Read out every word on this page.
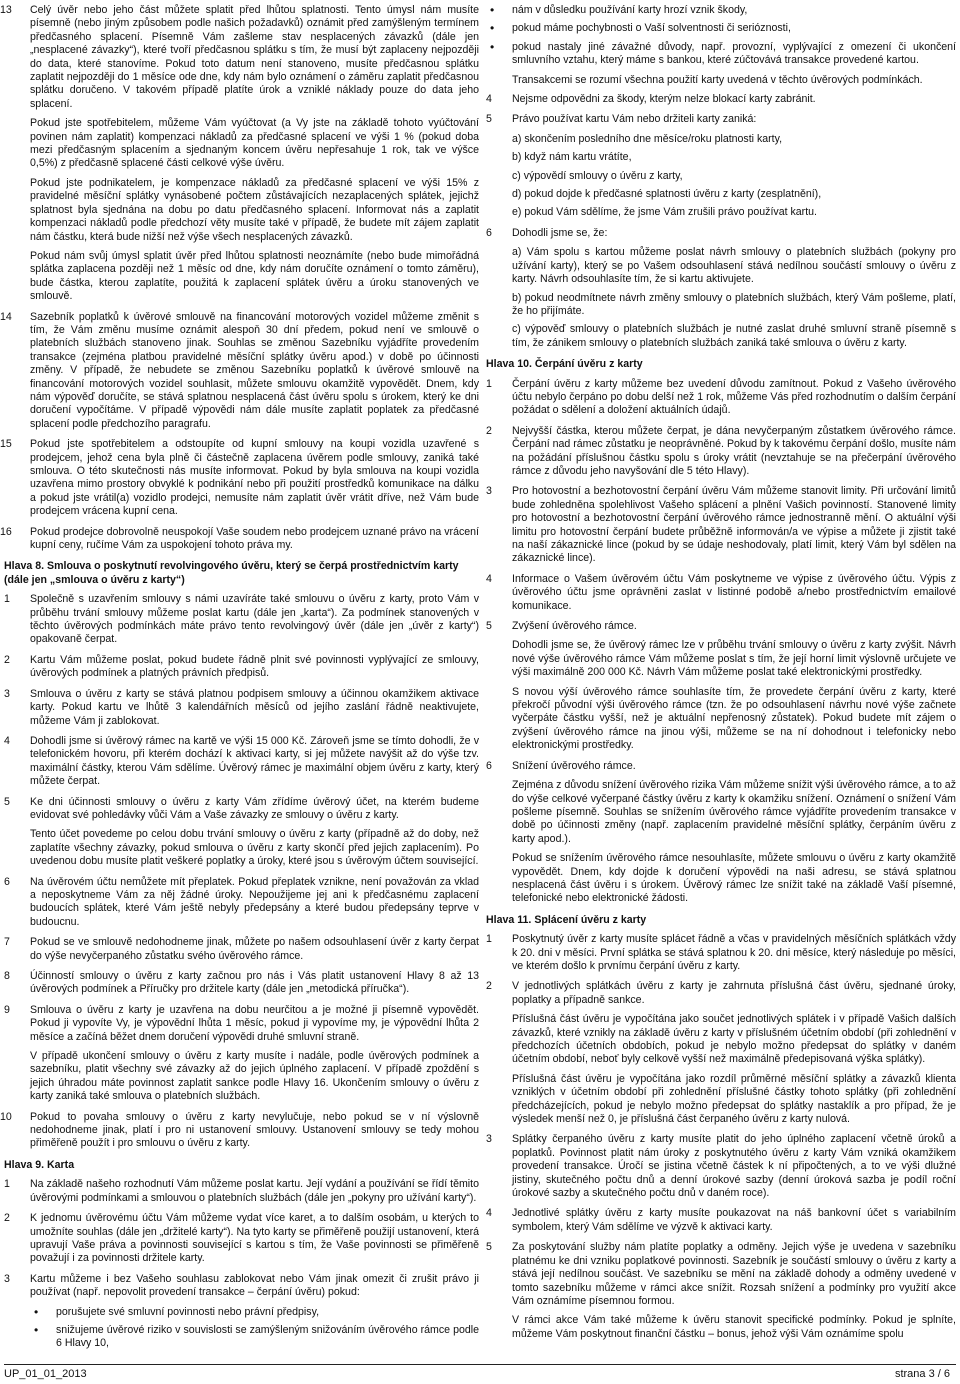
13	Celý úvěr nebo jeho část můžete splatit před lhůtou splatnosti. Tento úmysl nám musíte písemně (nebo jiným způsobem podle našich požadavků) oznámit před zamýšleným termínem předčasného splacení. Písemně Vám zašleme stav nesplacených závazků (dále jen „nesplacené závazky“), které tvoří předčasnou splátku s tím, že musí být zaplaceny nejpozději do data, které stanovíme. Pokud toto datum není stanoveno, musíte předčasnou splátku zaplatit nejpozději do 1 měsíce ode dne, kdy nám bylo oznámení o záměru zaplatit předčasnou splátku doručeno. V takovém případě platíte úrok a vzniklé náklady pouze do data jeho splacení.

Pokud jste spotřebitelem, můžeme Vám vyúčtovat (a Vy jste na základě tohoto vyúčtování povinen nám zaplatit) kompenzaci nákladů za předčasné splacení ve výši 1 % (pokud doba mezi předčasným splacením a sjednaným koncem úvěru nepřesahuje 1 rok, tak ve výšce 0,5%) z předčasně splacené části celkové výše úvěru.

Pokud jste podnikatelem, je kompenzace nákladů za předčasné splacení ve výši 15% z pravidelné měsíční splátky vynásobené počtem zůstávajících nezaplacených splátek, jejichž splatnost byla sjednána na dobu po datu předčasného splacení. Informovat nás a zaplatit kompenzaci nákladů podle předchozí věty musíte také v případě, že budete mít zájem zaplatit nám částku, která bude nižší než výše všech nesplacených závazků.

Pokud nám svůj úmysl splatit úvěr před lhůtou splatnosti neoznámíte (nebo bude mimořádná splátka zaplacena později než 1 měsíc od dne, kdy nám doručíte oznámení o tomto záměru), bude částka, kterou zaplatíte, použitá k zaplacení splátek úvěru a úroku stanovených ve smlouvě.

14	Sazebník poplatků k úvěrové smlouvě na financování motorových vozidel můžeme změnit s tím, že Vám změnu musíme oznámit alespoň 30 dní předem, pokud není ve smlouvě o platebních službách stanoveno jinak. Souhlas se změnou Sazebníku vyjádříte provedením transakce (zejména platbou pravidelné měsíční splátky úvěru apod.) v době po účinnosti změny. V případě, že nebudete se změnou Sazebníku poplatků k úvěrové smlouvě na financování motorových vozidel souhlasit, můžete smlouvu okamžitě vypovědět. Dnem, kdy nám výpověď doručíte, se stává splatnou nesplacená část úvěru spolu s úrokem, který ke dni doručení vypočítáme. V případě výpovědi nám dále musíte zaplatit poplatek za předčasné splacení podle předchozího paragrafu.

15	Pokud jste spotřebitelem a odstoupíte od kupní smlouvy na koupi vozidla uzavřené s prodejcem, jehož cena byla plně či částečně zaplacena úvěrem podle smlouvy, zaniká také smlouva. O této skutečnosti nás musíte informovat. Pokud by byla smlouva na koupi vozidla uzavřena mimo prostory obvyklé k podnikání nebo při použití prostředků komunikace na dálku a pokud jste vrátil(a) vozidlo prodejci, nemusíte nám zaplatit úvěr vrátit dříve, než Vám bude prodejcem vrácena kupní cena.

16	Pokud prodejce dobrovolně neuspokojí Vaše soudem nebo prodejcem uznané právo na vrácení kupní ceny, ručíme Vám za uspokojení tohoto práva my.

Hlava 8. Smlouva o poskytnutí revolvingového úvěru, který se čerpá prostřednictvím karty (dále jen „smlouva o úvěru z karty“)
1	Společně s uzavřením smlouvy s námi uzavíráte také smlouvu o úvěru z karty, proto Vám v průběhu trvání smlouvy můžeme poslat kartu (dále jen „karta“). Za podmínek stanovených v těchto úvěrových podmínkách máte právo tento revolvingový úvěr (dále jen „úvěr z karty“) opakovaně čerpat.

2	Kartu Vám můžeme poslat, pokud budete řádně plnit své povinnosti vyplývající ze smlouvy, úvěrových podmínek a platných právních předpisů.

3	Smlouva o úvěru z karty se stává platnou podpisem smlouvy a účinnou okamžikem aktivace karty. Pokud kartu ve lhůtě 3 kalendářních měsíců od jejího zaslání řádně neaktivujete, můžeme Vám ji zablokovat.

4	Dohodli jsme si úvěrový rámec na kartě ve výši 15 000 Kč. Zároveň jsme se tímto dohodli, že v telefonickém hovoru, při kterém dochází k aktivaci karty, si jej můžete navýšit až do výše tzv. maximální částky, kterou Vám sdělíme. Úvěrový rámec je maximální objem úvěru z karty, který můžete čerpat.

5	Ke dni účinnosti smlouvy o úvěru z karty Vám zřídíme úvěrový účet, na kterém budeme evidovat své pohledávky vůči Vám a Vaše závazky ze smlouvy o úvěru z karty.

Tento účet povedeme po celou dobu trvání smlouvy o úvěru z karty (případně až do doby, než zaplatíte všechny závazky, pokud smlouva o úvěru z karty skončí před jejich zaplacením). Po uvedenou dobu musíte platit veškeré poplatky a úroky, které jsou s úvěrovým účtem související.

6	Na úvěrovém účtu nemůžete mít přeplatek. Pokud přeplatek vznikne, není považován za vklad a neposkytneme Vám za něj žádné úroky. Nepoužijeme jej ani k předčasnému zaplacení budoucích splátek, které Vám ještě nebyly předepsány a které budou předepsány teprve v budoucnu.

7	Pokud se ve smlouvě nedohodneme jinak, můžete po našem odsouhlasení úvěr z karty čerpat do výše nevyčerpaného zůstatku svého úvěrového rámce.

8	Účinností smlouvy o úvěru z karty začnou pro nás i Vás platit ustanovení Hlavy 8 až 13 úvěrových podmínek a Příručky pro držitele karty (dále jen „metodická příručka“).

9	Smlouva o úvěru z karty je uzavřena na dobu neurčitou a je možné ji písemně vypovědět. Pokud ji vypovíte Vy, je výpovědní lhůta 1 měsíc, pokud ji vypovíme my, je výpovědní lhůta 2 měsíce a začíná běžet dnem doručení výpovědi druhé smluvní straně.

V případě ukončení smlouvy o úvěru z karty musíte i nadále, podle úvěrových podmínek a sazebníku, platit všechny své závazky až do jejich úplného zaplacení. V případě zpoždění s jejich úhradou máte povinnost zaplatit sankce podle Hlavy 16. Ukončením smlouvy o úvěru z karty zaniká také smlouva o platebních službách.

10	Pokud to povaha smlouvy o úvěru z karty nevylučuje, nebo pokud se v ní výslovně nedohodneme jinak, platí i pro ni ustanovení smlouvy. Ustanovení smlouvy se tedy mohou přiměřeně použít i pro smlouvu o úvěru z karty.

Hlava 9. Karta
1	Na základě našeho rozhodnutí Vám můžeme poslat kartu. Její vydání a používání se řídí těmito úvěrovými podmínkami a smlouvou o platebních službách (dále jen „pokyny pro užívání karty“).

2	K jednomu úvěrovému účtu Vám můžeme vydat více karet, a to dalším osobám, u kterých to umožníte souhlas (dále jen „držitelé karty“). Na tyto karty se přiměřeně použijí ustanovení, která upravují Vaše práva a povinnosti související s kartou s tím, že Vaše povinnosti se přiměřeně považují i za povinnosti držitele karty.

3	Kartu můžeme i bez Vašeho souhlasu zablokovat nebo Vám jinak omezit či zrušit právo ji používat (např. nepovolit provedení transakce – čerpání úvěru) pokud:

• porušujete své smluvní povinnosti nebo právní předpisy,
• snižujeme úvěrové riziko v souvislosti se zamýšleným snižováním úvěrového rámce podle 6 Hlavy 10,
• nám v důsledku používání karty hrozí vznik škody,
• pokud máme pochybnosti o Vaší solventnosti či serióznosti,
• pokud nastaly jiné závažné důvody, např. provozní, vyplývající z omezení či ukončení smluvního vztahu, který máme s bankou, které zúčtovává transakce provedené kartou.

Transakcemi se rozumí všechna použití karty uvedená v těchto úvěrových podmínkách.

4	Nejsme odpovědni za škody, kterým nelze blokací karty zabránit.

5	Právo používat kartu Vám nebo držiteli karty zaniká:

a) skončením posledního dne měsíce/roku platnosti karty,

b) když nám kartu vrátíte,

c) výpovědí smlouvy o úvěru z karty,

d) pokud dojde k předčasné splatnosti úvěru z karty (zesplatnění),

e) pokud Vám sdělíme, že jsme Vám zrušili právo používat kartu.

6	Dohodli jsme se, že:

a) Vám spolu s kartou můžeme poslat návrh smlouvy o platebních službách (pokyny pro užívání karty), který se po Vašem odsouhlasení stává nedílnou součástí smlouvy o úvěru z karty. Návrh odsouhlasíte tím, že si kartu aktivujete.

b) pokud neodmítnete návrh změny smlouvy o platebních službách, který Vám pošleme, platí, že ho přijímáte.

c) výpověď smlouvy o platebních službách je nutné zaslat druhé smluvní straně písemně s tím, že zánikem smlouvy o platebních službách zaniká také smlouva o úvěru z karty.

Hlava 10. Čerpání úvěru z karty
1	Čerpání úvěru z karty můžeme bez uvedení důvodu zamítnout. Pokud z Vašeho úvěrového účtu nebylo čerpáno po dobu delší než 1 rok, můžeme Vás před rozhodnutím o dalším čerpání požádat o sdělení a doložení aktuálních údajů.

2	Nejvyšší částka, kterou můžete čerpat, je dána nevyčerpaným zůstatkem úvěrového rámce. Čerpání nad rámec zůstatku je neoprávněné. Pokud by k takovému čerpání došlo, musíte nám na požádání příslušnou částku spolu s úroky vrátit (nevztahuje se na přečerpání úvěrového rámce z důvodu jeho navyšování dle 5 této Hlavy).

3	Pro hotovostní a bezhotovostní čerpání úvěru Vám můžeme stanovit limity. Při určování limitů bude zohledněna spolehlivost Vašeho splácení a plnění Vašich povinností. Stanovené limity pro hotovostní a bezhotovostní čerpání úvěrového rámce jednostranně mění. O aktuální výši limitu pro hotovostní čerpání budete průběžně informován/a ve výpise a můžete ji zjistit také na naší zákaznické lince (pokud by se údaje neshodovaly, platí limit, který Vám byl sdělen na zákaznické lince).

4	Informace o Vašem úvěrovém účtu Vám poskytneme ve výpise z úvěrového účtu. Výpis z úvěrového účtu jsme oprávněni zaslat v listinné podobě a/nebo prostřednictvím emailové komunikace.

5	Zvýšení úvěrového rámce.

Dohodli jsme se, že úvěrový rámec lze v průběhu trvání smlouvy o úvěru z karty zvýšit. Návrh nové výše úvěrového rámce Vám můžeme poslat s tím, že její horní limit výslovně určujete ve výši maximálně 200 000 Kč. Návrh Vám můžeme poslat také elektronickými prostředky.

S novou výší úvěrového rámce souhlasíte tím, že provedete čerpání úvěru z karty, které překročí původní výši úvěrového rámce (tzn. že po odsouhlasení návrhu nové výše začnete vyčerpáte částku vyšší, než je aktuální nepřenosný zůstatek). Pokud budete mít zájem o zvýšení úvěrového rámce na jinou výši, můžeme se na ní dohodnout i telefonicky nebo elektronickými prostředky.

6	Snížení úvěrového rámce.

Zejména z důvodu snížení úvěrového rizika Vám můžeme snížit výši úvěrového rámce, a to až do výše celkové vyčerpané částky úvěru z karty k okamžiku snížení. Oznámení o snížení Vám pošleme písemně. Souhlas se snížením úvěrového rámce vyjádříte provedením transakce v době po účinnosti změny (např. zaplacením pravidelné měsíční splátky, čerpáním úvěru z karty apod.).

Pokud se snížením úvěrového rámce nesouhlasíte, můžete smlouvu o úvěru z karty okamžitě vypovědět. Dnem, kdy dojde k doručení výpovědi na naši adresu, se stává splatnou nesplacená část úvěru i s úrokem. Úvěrový rámec lze snížit také na základě Vaší písemné, telefonické nebo elektronické žádosti.

Hlava 11. Splácení úvěru z karty
1	Poskytnutý úvěr z karty musíte splácet řádně a včas v pravidelných měsíčních splátkách vždy k 20. dni v měsíci. První splátka se stává splatnou k 20. dni měsíce, který následuje po měsíci, ve kterém došlo k prvnímu čerpání úvěru z karty.

2	V jednotlivých splátkách úvěru z karty je zahrnuta příslušná část úvěru, sjednané úroky, poplatky a případně sankce.

Příslušná část úvěru je vypočítána jako součet jednotlivých splátek i v případě Vašich dalších závazků, které vznikly na základě úvěru z karty v příslušném účetním období (při zohlednění v předchozích účetních obdobích, pokud je nebylo možno předepsat do splátky v daném účetním období, neboť byly celkově vyšší než maximálně předepisovaná výška splátky).

Příslušná část úvěru je vypočítána jako rozdíl průměrné měsíční splátky a závazků klienta vzniklých v účetním období při zohlednění příslušné částky tohoto splátky (při zohlednění předcházejících, pokud je nebylo možno předepsat do splátky nastaklík a pro případ, že je výsledek menší než 0, je příslušná část čerpaného úvěru z karty nulová.

3	Splátky čerpaného úvěru z karty musíte platit do jeho úplného zaplacení včetně úroků a poplatků. Povinnost platit nám úroky z poskytnutého úvěru z karty Vám vzniká okamžikem provedení transakce. Úročí se jistina včetně částek k ní připočtených, a to ve výši dlužné jistiny, skutečného počtu dnů a denní úrokové sazby (denní úroková sazba je podíl roční úrokové sazby a skutečného počtu dnů v daném roce).

4	Jednotlivé splátky úvěru z karty musíte poukazovat na náš bankovní účet s variabilním symbolem, který Vám sdělíme ve výzvě k aktivaci karty.

5	Za poskytování služby nám platíte poplatky a odměny. Jejich výše je uvedena v sazebníku platnému ke dni vzniku poplatkové povinnosti. Sazebník je součástí smlouvy o úvěru z karty a stává její nedílnou součást. Ve sazebníku se mění na základě dohody a odměny uvedené v tomto sazebníku můžeme v rámci akce snížit. Rozsah snížení a podmínky pro využití akce Vám oznámíme písemnou formou.

V rámci akce Vám také můžeme k úvěru stanovit specifické podmínky. Pokud je splníte, můžeme Vám poskytnout finanční částku – bonus, jehož výši Vám oznámíme spolu

UP_01_01_2013	strana 3 / 6
